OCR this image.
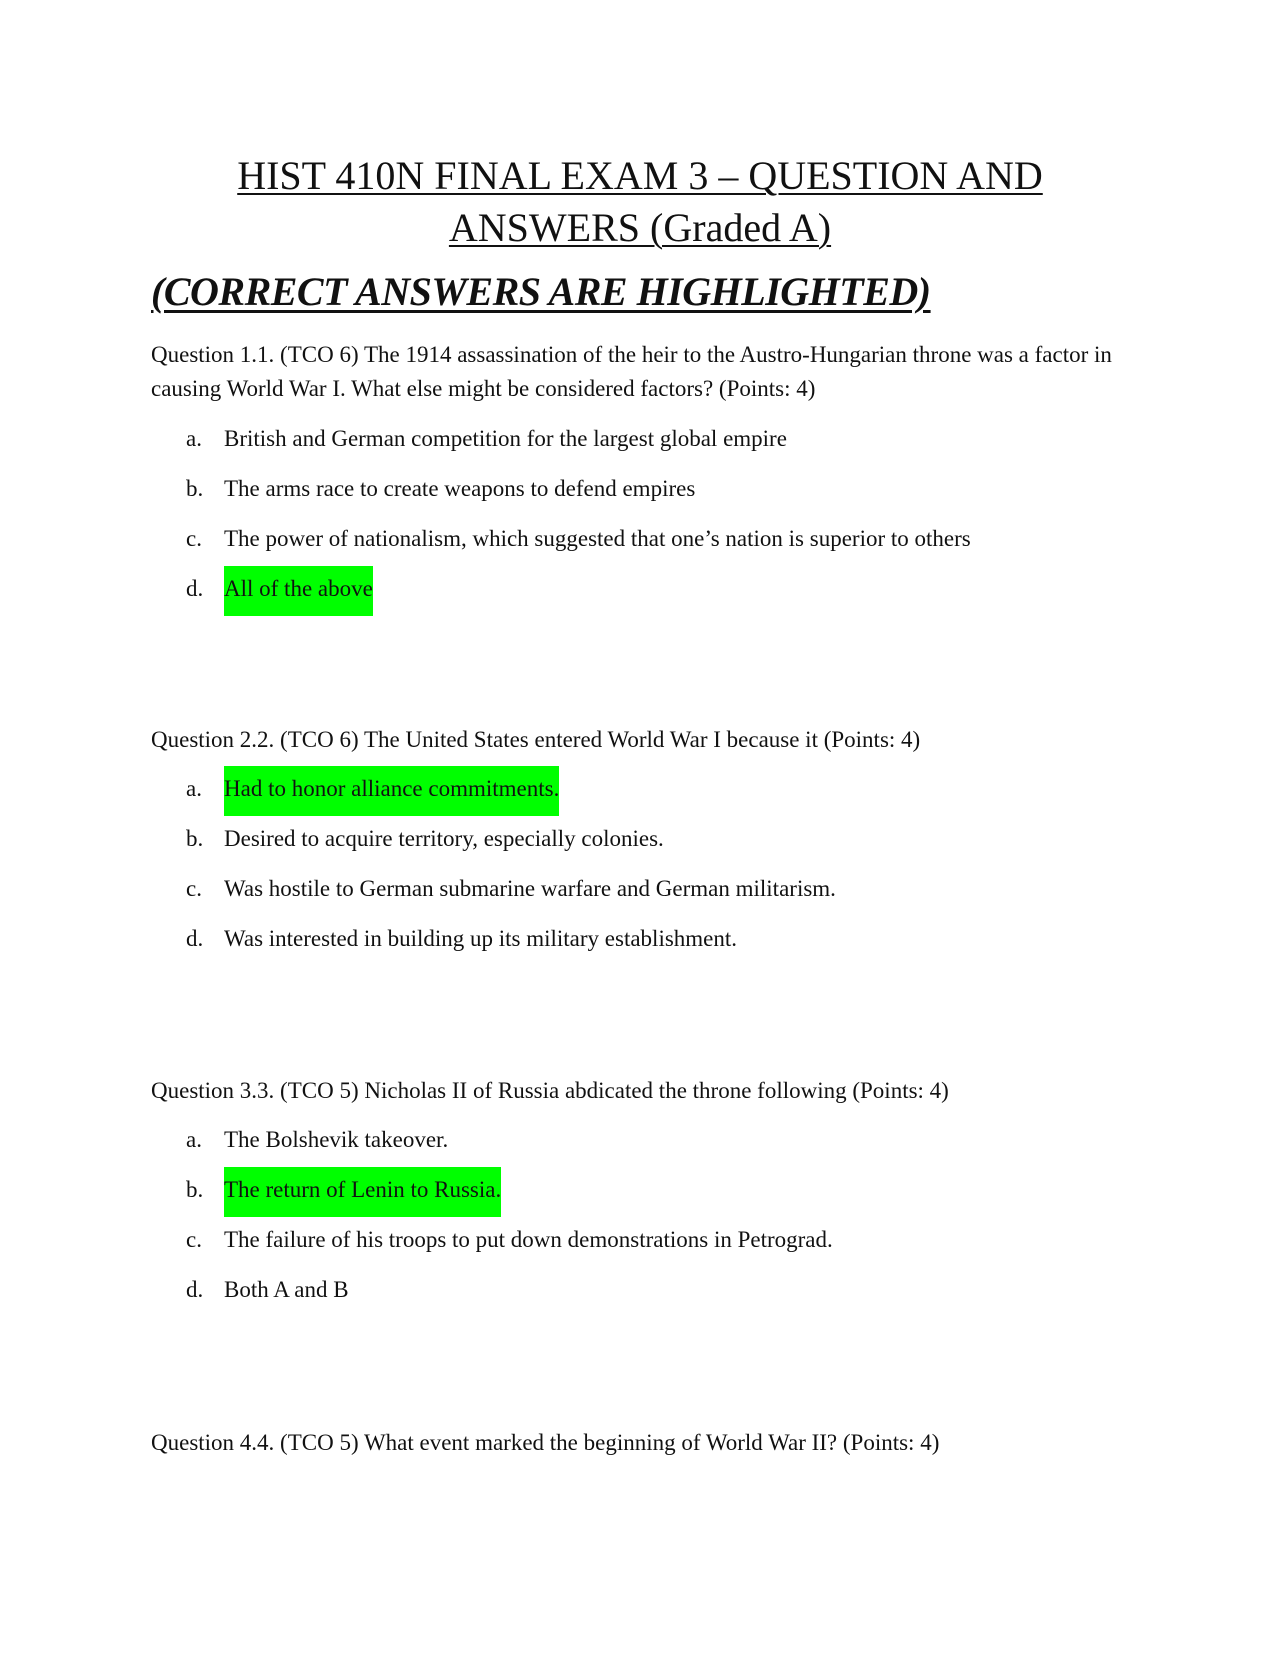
HIST 410N FINAL EXAM 3 – QUESTION AND
ANSWERS (Graded A)
(CORRECT ANSWERS ARE HIGHLIGHTED)

Question 1.1. (TCO 6) The 1914 assassination of the heir to the Austro-Hungarian throne was a factor in causing World War I. What else might be considered factors? (Points: 4)

a. British and German competition for the largest global empire
b. The arms race to create weapons to defend empires
c. The power of nationalism, which suggested that one’s nation is superior to others
d. All of the above

Question 2.2. (TCO 6) The United States entered World War I because it (Points: 4)

a. Had to honor alliance commitments.
b. Desired to acquire territory, especially colonies.
c. Was hostile to German submarine warfare and German militarism.
d. Was interested in building up its military establishment.

Question 3.3. (TCO 5) Nicholas II of Russia abdicated the throne following (Points: 4)

a. The Bolshevik takeover.
b. The return of Lenin to Russia.
c. The failure of his troops to put down demonstrations in Petrograd.
d. Both A and B

Question 4.4. (TCO 5) What event marked the beginning of World War II? (Points: 4)
